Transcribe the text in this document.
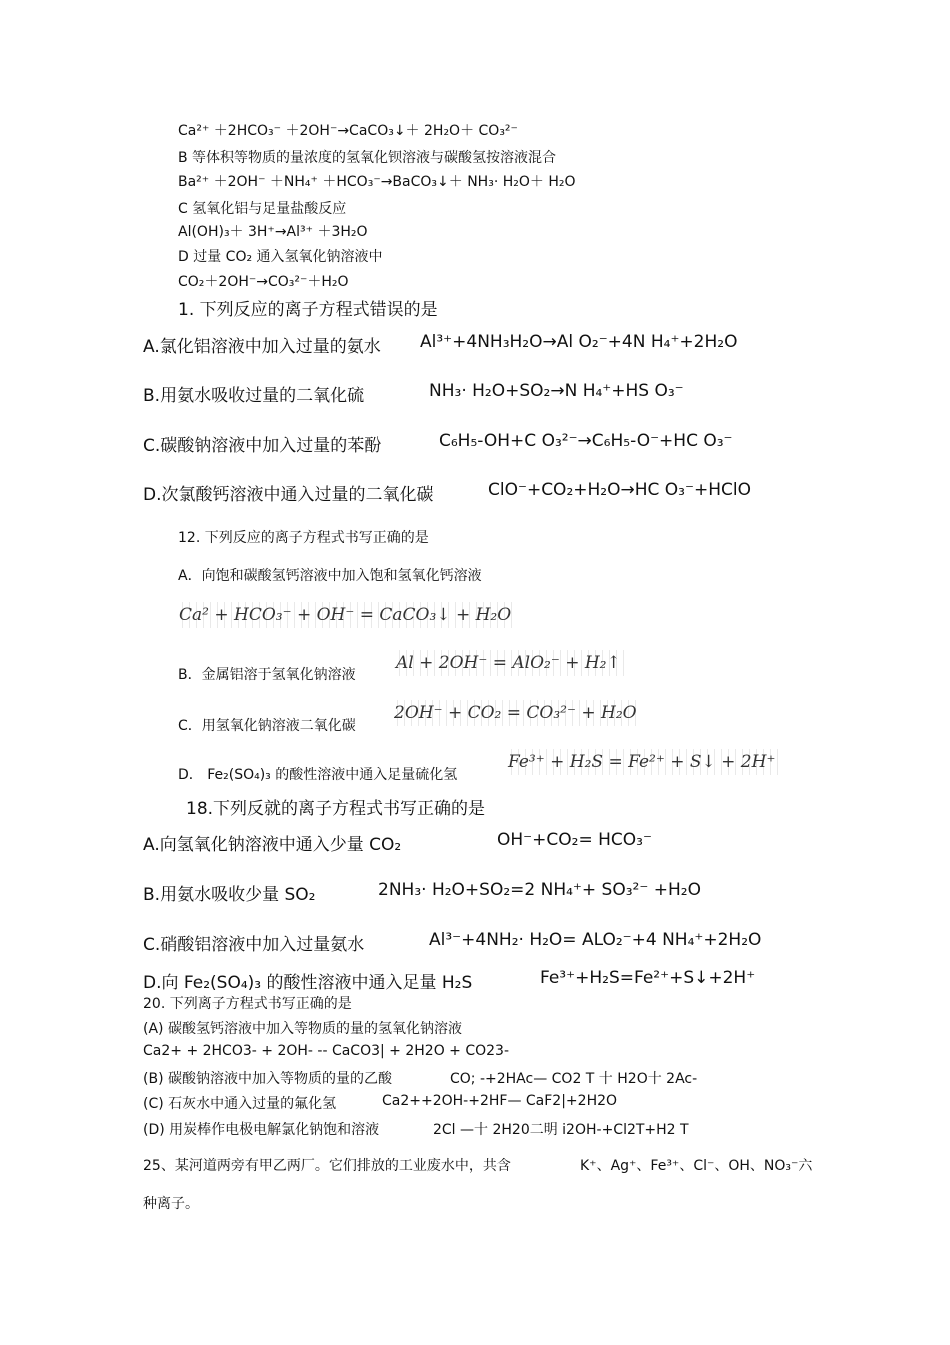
Ca²⁺ ＋2HCO₃⁻ ＋2OH⁻→CaCO₃↓＋ 2H₂O＋ CO₃²⁻
B 等体积等物质的量浓度的氢氧化钡溶液与碳酸氢按溶液混合
Ba²⁺ ＋2OH⁻ ＋NH₄⁺ ＋HCO₃⁻→BaCO₃↓＋ NH₃· H₂O＋ H₂O
C 氢氧化铝与足量盐酸反应
Al(OH)₃＋ 3H⁺→Al³⁺ ＋3H₂O
D 过量 CO₂ 通入氢氧化钠溶液中
CO₂＋2OH⁻→CO₃²⁻＋H₂O
1. 下列反应的离子方程式错误的是
A.氯化铝溶液中加入过量的氨水 Al³⁺+4NH₃H₂O→Al O₂⁻+4N H₄⁺+2H₂O
B.用氨水吸收过量的二氧化硫	NH₃· H₂O+SO₂→N H₄⁺+HS O₃⁻
C.碳酸钠溶液中加入过量的苯酚	C₆H₅-OH+C O₃²⁻→C₆H₅-O⁻+HC O₃⁻
D.次氯酸钙溶液中通入过量的二氧化碳	ClO⁻+CO₂+H₂O→HC O₃⁻+HClO
12. 下列反应的离子方程式书写正确的是
A．向饱和碳酸氢钙溶液中加入饱和氢氧化钙溶液
Ca² + HCO₃⁻ + OH⁻ = CaCO₃↓ + H₂O
B．金属铝溶于氢氧化钠溶液
Al + 2OH⁻ = AlO₂⁻ + H₂↑
C．用氢氧化钠溶液二氧化碳
2OH⁻ + CO₂ = CO₃²⁻ + H₂O
D． Fe₂(SO₄)₃ 的酸性溶液中通入足量硫化氢
Fe³⁺ + H₂S = Fe²⁺ + S↓ + 2H⁺
18.下列反就的离子方程式书写正确的是
A.向氢氧化钠溶液中通入少量 CO₂	OH⁻+CO₂= HCO₃⁻
B.用氨水吸收少量 SO₂	2NH₃· H₂O+SO₂=2 NH₄⁺+ SO₃²⁻ +H₂O
C.硝酸铝溶液中加入过量氨水	Al³⁻+4NH₂· H₂O= ALO₂⁻+4 NH₄⁺+2H₂O
D.向 Fe₂(SO₄)₃ 的酸性溶液中通入足量 H₂S	Fe³⁺+H₂S=Fe²⁺+S↓+2H⁺
20. 下列离子方程式书写正确的是
(A) 碳酸氢钙溶液中加入等物质的量的氢氧化钠溶液
Ca2+ + 2HCO3- + 2OH- -- CaCO3| + 2H2O + CO23-
(B) 碳酸钠溶液中加入等物质的量的乙酸	CO; -+2HAc— CO2 T 十 H2O十 2Ac-
(C) 石灰水中通入过量的氟化氢	Ca2++2OH-+2HF— CaF2|+2H2O
(D) 用炭棒作电极电解氯化钠饱和溶液	2Cl —十 2H20二明 i2OH-+Cl2T+H2 T
25、某河道两旁有甲乙两厂。它们排放的工业废水中，共含	K⁺、Ag⁺、Fe³⁺、Cl⁻、OH、NO₃⁻六
种离子。
